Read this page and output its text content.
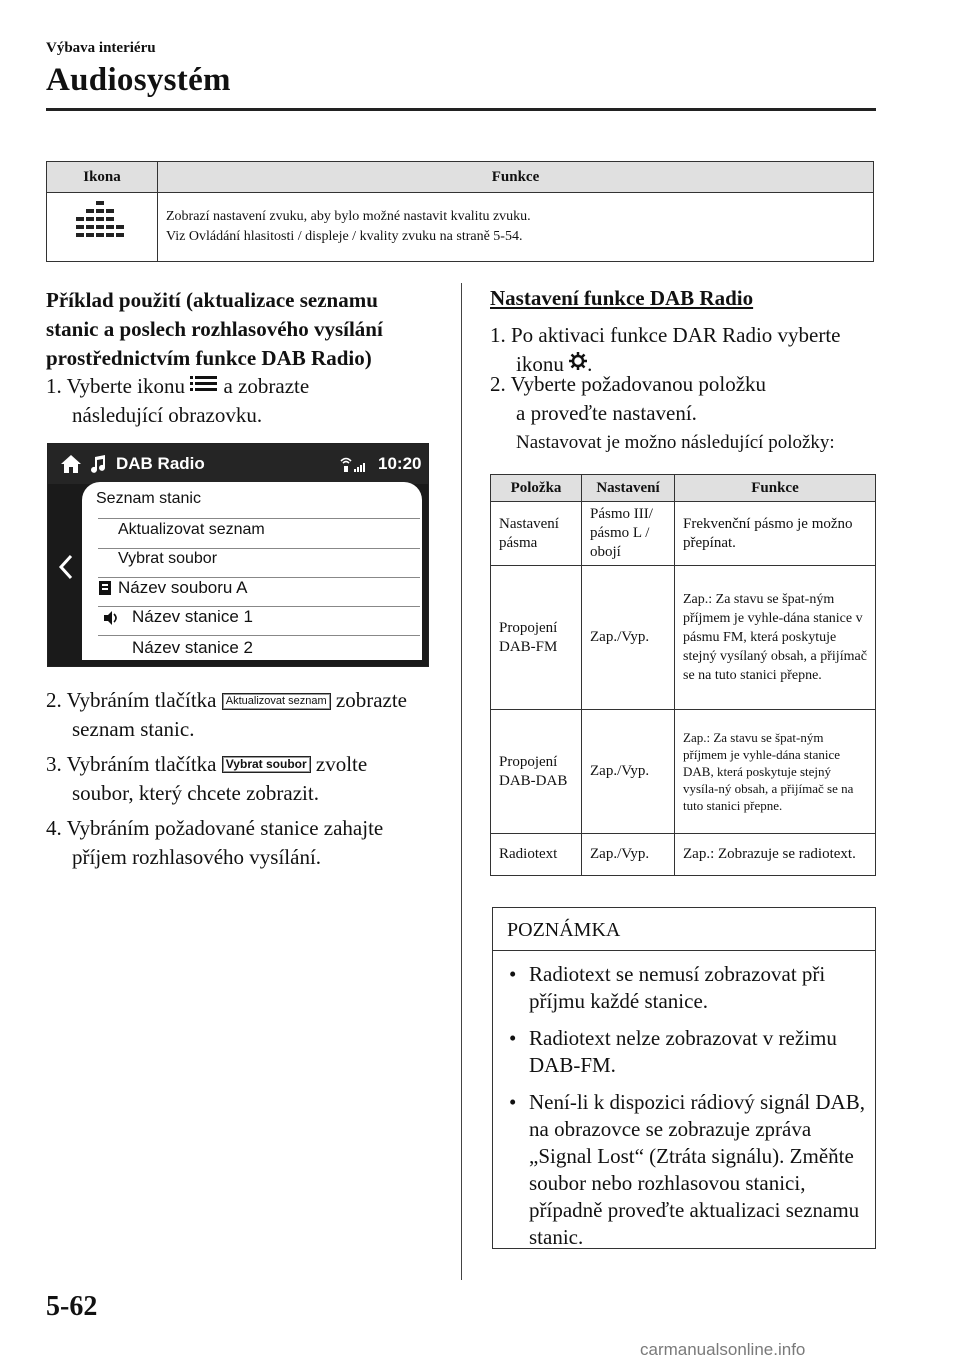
Výbava interiéru
Audiosystém
Ikona	Funkce

Zobrazí nastavení zvuku, aby bylo možné nastavit kvalitu zvuku.
Viz Ovládání hlasitosti / displeje / kvality zvuku na straně 5-54.
Příklad použití (aktualizace seznamu
stanic a poslech rozhlasového vysílání
prostřednictvím funkce DAB Radio)
1. Vyberte ikonu a zobrazte
následující obrazovku.
DAB Radio	10:20
Seznam stanic
Aktualizovat seznam
Vybrat soubor
Název souboru A
Název stanice 1
Název stanice 2
2. Vybráním tlačítka Aktualizovat seznam zobrazte
seznam stanic.
3. Vybráním tlačítka Vybrat soubor zvolte
soubor, který chcete zobrazit.
4. Vybráním požadované stanice zahajte
příjem rozhlasového vysílání.
Nastavení funkce DAB Radio
1. Po aktivaci funkce DAR Radio vyberte
ikonu .
2. Vyberte požadovanou položku
a proveďte nastavení.
Nastavovat je možno následující položky:
Položka	Nastavení	Funkce
Nastavení pásma	Pásmo III/ pásmo L / obojí	Frekvenční pásmo je možno přepínat.
Propojení DAB-FM	Zap./Vyp.	Zap.: Za stavu se špat-ným příjmem je vyhle-dána stanice v pásmu FM, která poskytuje stejný vysílaný obsah, a přijímač se na tuto stanici přepne.
Propojení DAB-DAB	Zap./Vyp.	Zap.: Za stavu se špat-ným příjmem je vyhle-dána stanice DAB, která poskytuje stejný vysíla-ný obsah, a přijímač se na tuto stanici přepne.
Radiotext	Zap./Vyp.	Zap.: Zobrazuje se radiotext.
POZNÁMKA
• Radiotext se nemusí zobrazovat při příjmu každé stanice.
• Radiotext nelze zobrazovat v režimu DAB-FM.
• Není-li k dispozici rádiový signál DAB, na obrazovce se zobrazuje zpráva „Signal Lost“ (Ztráta signálu). Změňte soubor nebo rozhlasovou stanici, případně proveďte aktualizaci seznamu stanic.
5-62
carmanualsonline.info
